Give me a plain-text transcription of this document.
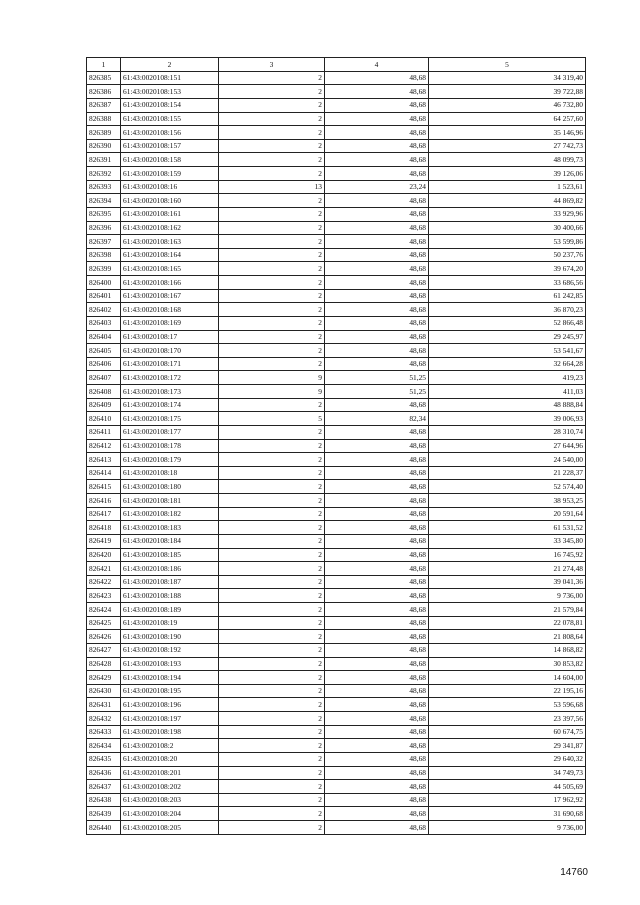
1	2	3	4	5
826385	61:43:0020108:151	2	48,68	34 319,40
826386	61:43:0020108:153	2	48,68	39 722,88
826387	61:43:0020108:154	2	48,68	46 732,80
826388	61:43:0020108:155	2	48,68	64 257,60
826389	61:43:0020108:156	2	48,68	35 146,96
826390	61:43:0020108:157	2	48,68	27 742,73
826391	61:43:0020108:158	2	48,68	48 099,73
826392	61:43:0020108:159	2	48,68	39 126,06
826393	61:43:0020108:16	13	23,24	1 523,61
826394	61:43:0020108:160	2	48,68	44 869,82
826395	61:43:0020108:161	2	48,68	33 929,96
826396	61:43:0020108:162	2	48,68	30 400,66
826397	61:43:0020108:163	2	48,68	53 599,86
826398	61:43:0020108:164	2	48,68	50 237,76
826399	61:43:0020108:165	2	48,68	39 674,20
826400	61:43:0020108:166	2	48,68	33 686,56
826401	61:43:0020108:167	2	48,68	61 242,85
826402	61:43:0020108:168	2	48,68	36 870,23
826403	61:43:0020108:169	2	48,68	52 866,48
826404	61:43:0020108:17	2	48,68	29 245,97
826405	61:43:0020108:170	2	48,68	53 541,67
826406	61:43:0020108:171	2	48,68	32 664,28
826407	61:43:0020108:172	9	51,25	419,23
826408	61:43:0020108:173	9	51,25	411,03
826409	61:43:0020108:174	2	48,68	48 888,84
826410	61:43:0020108:175	5	82,34	39 006,93
826411	61:43:0020108:177	2	48,68	28 310,74
826412	61:43:0020108:178	2	48,68	27 644,96
826413	61:43:0020108:179	2	48,68	24 540,00
826414	61:43:0020108:18	2	48,68	21 228,37
826415	61:43:0020108:180	2	48,68	52 574,40
826416	61:43:0020108:181	2	48,68	38 953,25
826417	61:43:0020108:182	2	48,68	20 591,64
826418	61:43:0020108:183	2	48,68	61 531,52
826419	61:43:0020108:184	2	48,68	33 345,80
826420	61:43:0020108:185	2	48,68	16 745,92
826421	61:43:0020108:186	2	48,68	21 274,48
826422	61:43:0020108:187	2	48,68	39 041,36
826423	61:43:0020108:188	2	48,68	9 736,00
826424	61:43:0020108:189	2	48,68	21 579,84
826425	61:43:0020108:19	2	48,68	22 078,81
826426	61:43:0020108:190	2	48,68	21 808,64
826427	61:43:0020108:192	2	48,68	14 868,82
826428	61:43:0020108:193	2	48,68	30 853,82
826429	61:43:0020108:194	2	48,68	14 604,00
826430	61:43:0020108:195	2	48,68	22 195,16
826431	61:43:0020108:196	2	48,68	53 596,68
826432	61:43:0020108:197	2	48,68	23 397,56
826433	61:43:0020108:198	2	48,68	60 674,75
826434	61:43:0020108:2	2	48,68	29 341,87
826435	61:43:0020108:20	2	48,68	29 640,32
826436	61:43:0020108:201	2	48,68	34 749,73
826437	61:43:0020108:202	2	48,68	44 505,69
826438	61:43:0020108:203	2	48,68	17 962,92
826439	61:43:0020108:204	2	48,68	31 690,68
826440	61:43:0020108:205	2	48,68	9 736,00
14760
